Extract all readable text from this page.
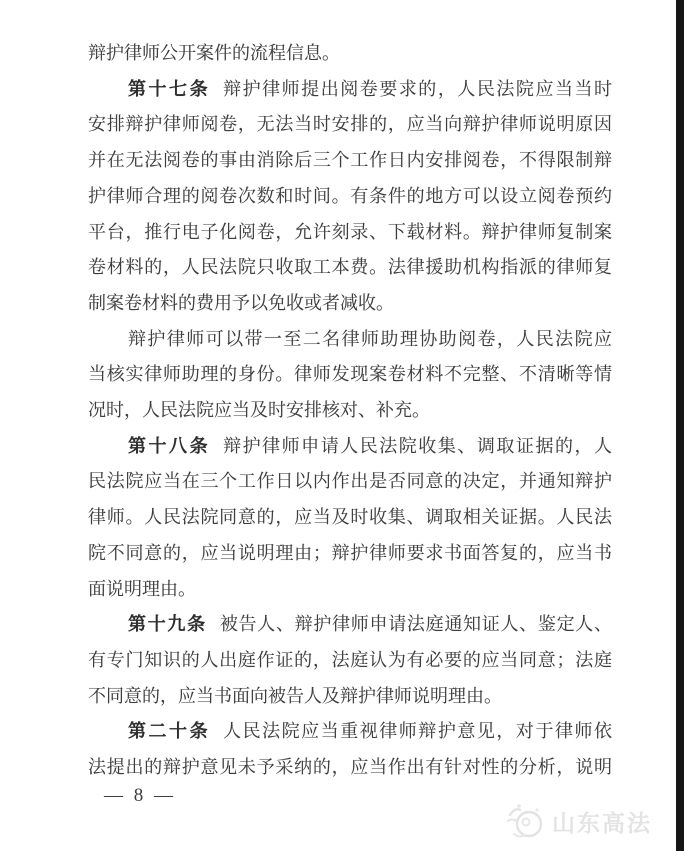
辩护律师公开案件的流程信息。
第十七条 辩护律师提出阅卷要求的，人民法院应当当时
安排辩护律师阅卷，无法当时安排的，应当向辩护律师说明原因
并在无法阅卷的事由消除后三个工作日内安排阅卷，不得限制辩
护律师合理的阅卷次数和时间。有条件的地方可以设立阅卷预约
平台，推行电子化阅卷，允许刻录、下载材料。辩护律师复制案
卷材料的，人民法院只收取工本费。法律援助机构指派的律师复
制案卷材料的费用予以免收或者减收。
辩护律师可以带一至二名律师助理协助阅卷，人民法院应
当核实律师助理的身份。律师发现案卷材料不完整、不清晰等情
况时，人民法院应当及时安排核对、补充。
第十八条 辩护律师申请人民法院收集、调取证据的，人
民法院应当在三个工作日以内作出是否同意的决定，并通知辩护
律师。人民法院同意的，应当及时收集、调取相关证据。人民法
院不同意的，应当说明理由；辩护律师要求书面答复的，应当书
面说明理由。
第十九条 被告人、辩护律师申请法庭通知证人、鉴定人、
有专门知识的人出庭作证的，法庭认为有必要的应当同意；法庭
不同意的，应当书面向被告人及辩护律师说明理由。
第二十条 人民法院应当重视律师辩护意见，对于律师依
法提出的辩护意见未予采纳的，应当作出有针对性的分析，说明
— 8 —
山东高法
